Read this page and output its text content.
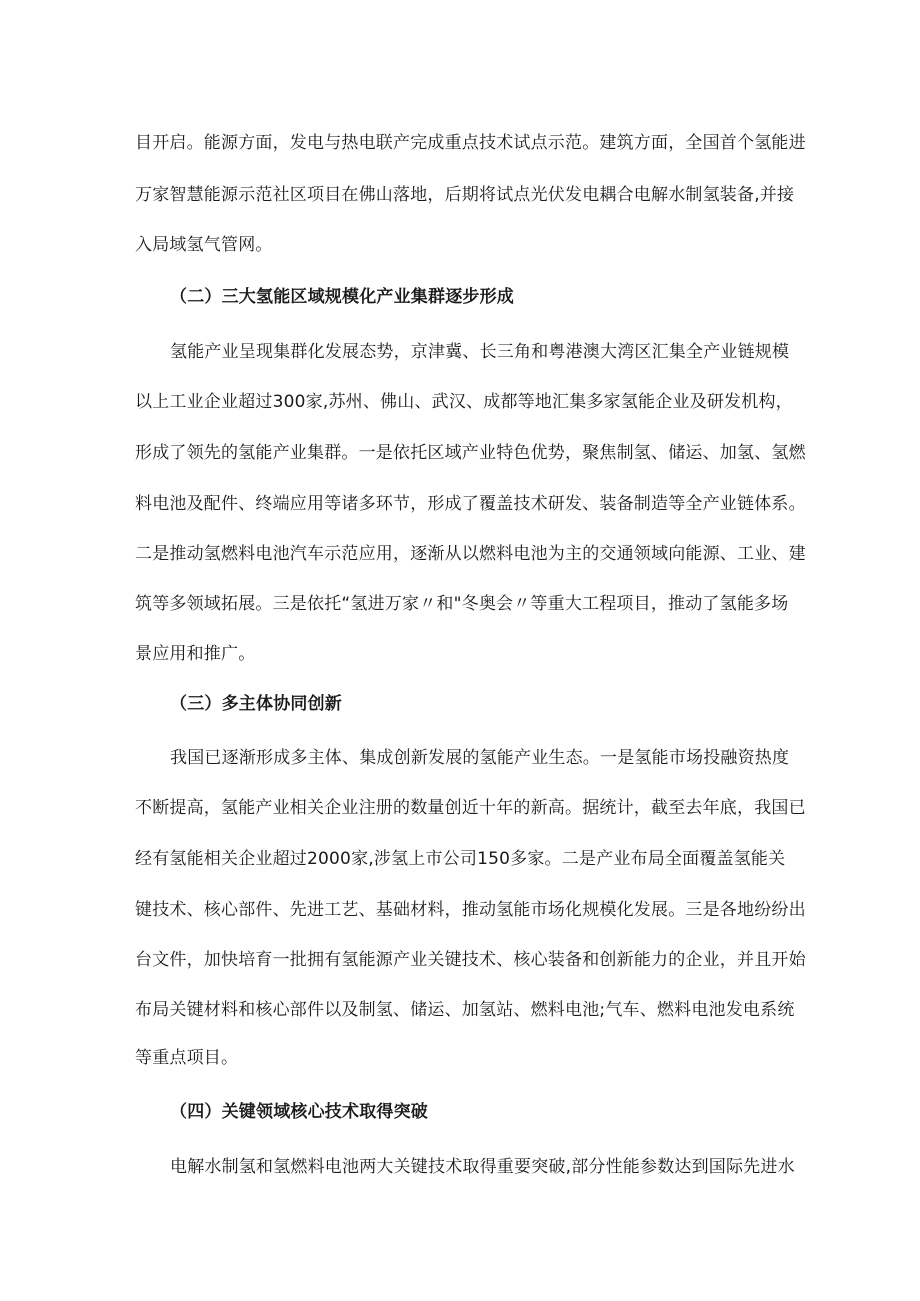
目开启。能源方面，发电与热电联产完成重点技术试点示范。建筑方面，全国首个氢能进
万家智慧能源示范社区项目在佛山落地，后期将试点光伏发电耦合电解水制氢装备,并接
入局域氢气管网。
（二）三大氢能区域规模化产业集群逐步形成
氢能产业呈现集群化发展态势，京津冀、长三角和粤港澳大湾区汇集全产业链规模
以上工业企业超过300家,苏州、佛山、武汉、成都等地汇集多家氢能企业及研发机构，
形成了领先的氢能产业集群。一是依托区域产业特色优势，聚焦制氢、储运、加氢、氢燃
料电池及配件、终端应用等诸多环节，形成了覆盖技术研发、装备制造等全产业链体系。
二是推动氢燃料电池汽车示范应用，逐渐从以燃料电池为主的交通领域向能源、工业、建
筑等多领域拓展。三是依托“氢进万家〃和"冬奥会〃等重大工程项目，推动了氢能多场
景应用和推广。
（三）多主体协同创新
我国已逐渐形成多主体、集成创新发展的氢能产业生态。一是氢能市场投融资热度
不断提高，氢能产业相关企业注册的数量创近十年的新高。据统计，截至去年底，我国已
经有氢能相关企业超过2000家,涉氢上市公司150多家。二是产业布局全面覆盖氢能关
键技术、核心部件、先进工艺、基础材料，推动氢能市场化规模化发展。三是各地纷纷出
台文件，加快培育一批拥有氢能源产业关键技术、核心装备和创新能力的企业，并且开始
布局关键材料和核心部件以及制氢、储运、加氢站、燃料电池;气车、燃料电池发电系统
等重点项目。
（四）关键领域核心技术取得突破
电解水制氢和氢燃料电池两大关键技术取得重要突破,部分性能参数达到国际先进水
